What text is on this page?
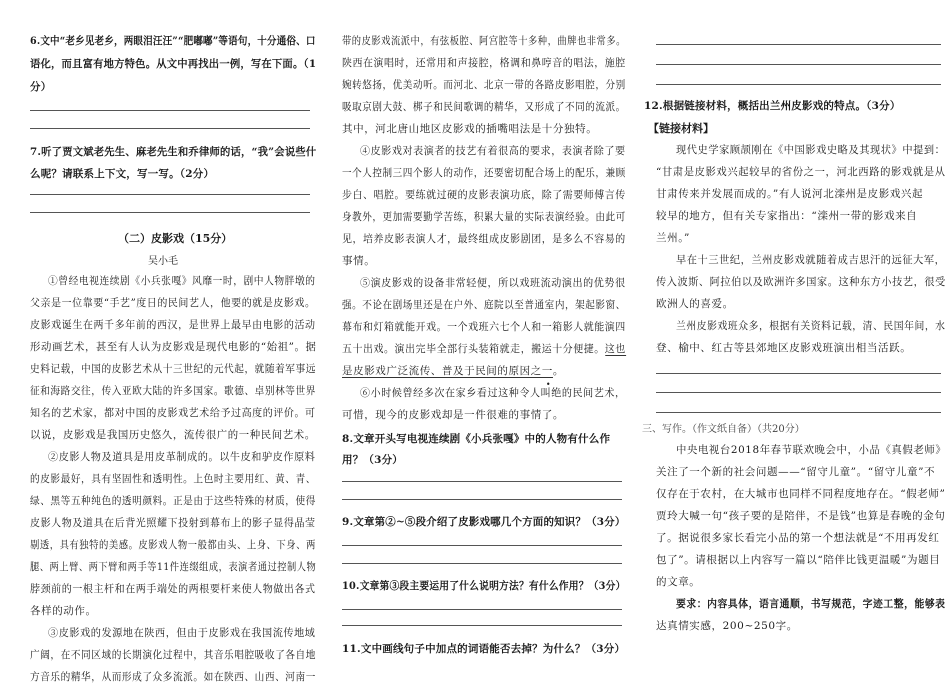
6.文中“老乡见老乡，两眼泪汪汪”“肥嘟嘟”等语句，十分通俗、口
语化，而且富有地方特色。从文中再找出一例，写在下面。（1
分）
7.听了贾文斌老先生、麻老先生和乔律师的话，“我”会说些什
么呢？请联系上下文，写一写。（2分）
（二）皮影戏（15分）
吴小毛
①曾经电视连续剧《小兵张嘎》风靡一时，剧中人物胖墩的
父亲是一位靠要“手艺”度日的民间艺人，他要的就是皮影戏。
皮影戏诞生在两千多年前的西汉，是世界上最早由电影的活动
形动画艺术，甚至有人认为皮影戏是现代电影的“始祖”。据
史料记载，中国的皮影艺术从十三世纪的元代起，就随着军事远
征和海路交往，传入亚欧大陆的许多国家。歌德、卓别林等世界
知名的艺术家，都对中国的皮影戏艺术给予过高度的评价。可
以说，皮影戏是我国历史悠久，流传很广的一种民间艺术。
②皮影人物及道具是用皮革制成的。以牛皮和驴皮作原料
的皮影最好，具有坚固性和透明性。上色时主要用红、黄、青、
绿、黑等五种纯色的透明颜料。正是由于这些特殊的材质，使得
皮影人物及道具在后背光照耀下投射到幕布上的影子显得晶莹
剔透，具有独特的美感。皮影戏人物一般都由头、上身、下身、两
腿、两上臂、两下臂和两手等11件连缀组成，表演者通过控制人物
脖颈前的一根主杆和在两手端处的两根要杆来使人物做出各式
各样的动作。
③皮影戏的发源地在陕西，但由于皮影戏在我国流传地域
广阔，在不同区域的长期演化过程中，其音乐唱腔吸收了各自地
方音乐的精华，从而形成了众多流派。如在陕西、山西、河南一
带的皮影戏流派中，有弦板腔、阿宫腔等十多种，曲牌也非常多。
陕西在演唱时，还常用和声接腔，格调和鼻哼音的唱法，施腔
婉转悠扬，优美动听。而河北、北京一带的各路皮影唱腔，分别
吸取京剧大鼓、梆子和民间歌调的精华，又形成了不同的流派。
其中，河北唐山地区皮影戏的插嘴唱法是十分独特。
④皮影戏对表演者的技艺有着很高的要求，表演者除了要
一个人控制三四个影人的动作，还要密切配合场上的配乐，兼顾
步白、唱腔。要练就过硬的皮影表演功底，除了需要师傅言传
身教外，更加需要勤学苦练，积累大量的实际表演经验。由此可
见，培养皮影表演人才，最终组成皮影剧团，是多么不容易的
事情。
⑤演皮影戏的设备非常轻便，所以戏班流动演出的优势很
强。不论在剧场里还是在户外、庭院以至普通室内，架起影窗、
幕布和灯箱就能开戏。一个戏班六七个人和一箱影人就能演四
五十出戏。演出完毕全部行头装箱就走，搬运十分便捷。这也
是皮影戏广泛流传、普及于民间的原因之一
•
。
⑥小时候曾经多次在家乡看过这种令人叫绝的民间艺术，
可惜，现今的皮影戏却是一件很难的事情了。
8.文章开头写电视连续剧《小兵张嘎》中的人物有什么作
用？（3分）
9.文章第②~⑤段介绍了皮影戏哪几个方面的知识？（3分）
10.文章第③段主要运用了什么说明方法？有什么作用？（3分）
11.文中画线句子中加点的词语能否去掉？为什么？（3分）
12.根据链接材料，概括出兰州皮影戏的特点。（3分）
【链接材料】
现代史学家顾颉刚在《中国影戏史略及其现状》中提到：
“甘肃是皮影戏兴起较早的省份之一，河北西路的影戏就是从
甘肃传来并发展而成的。”有人说河北滦州是皮影戏兴起
较早的地方，但有关专家指出：“滦州一带的影戏来自
兰州。”
早在十三世纪，兰州皮影戏就随着成吉思汗的远征大军，
传入波斯、阿拉伯以及欧洲许多国家。这种东方小技艺，很受
欧洲人的喜爱。
兰州皮影戏班众多，根据有关资料记载，清、民国年间，水
登、榆中、红古等县郊地区皮影戏班演出相当活跃。
三、写作。（作文纸自备）（共20分）
中央电视台2018年春节联欢晚会中，小品《真假老师》
关注了一个新的社会问题——“留守儿童”。“留守儿童”不
仅存在于农村，在大城市也同样不同程度地存在。“假老师”
贾玲大喊一句“孩子要的是陪伴，不是钱”也算是春晚的金句
了。据说很多家长看完小品的第一个想法就是“不用再发红
包了”。请根据以上内容写一篇以“陪伴比钱更温暖”为题目
的文章。
要求：内容具体，语言通顺，书写规范，字迹工整，能够表
达真情实感，200~250字。
